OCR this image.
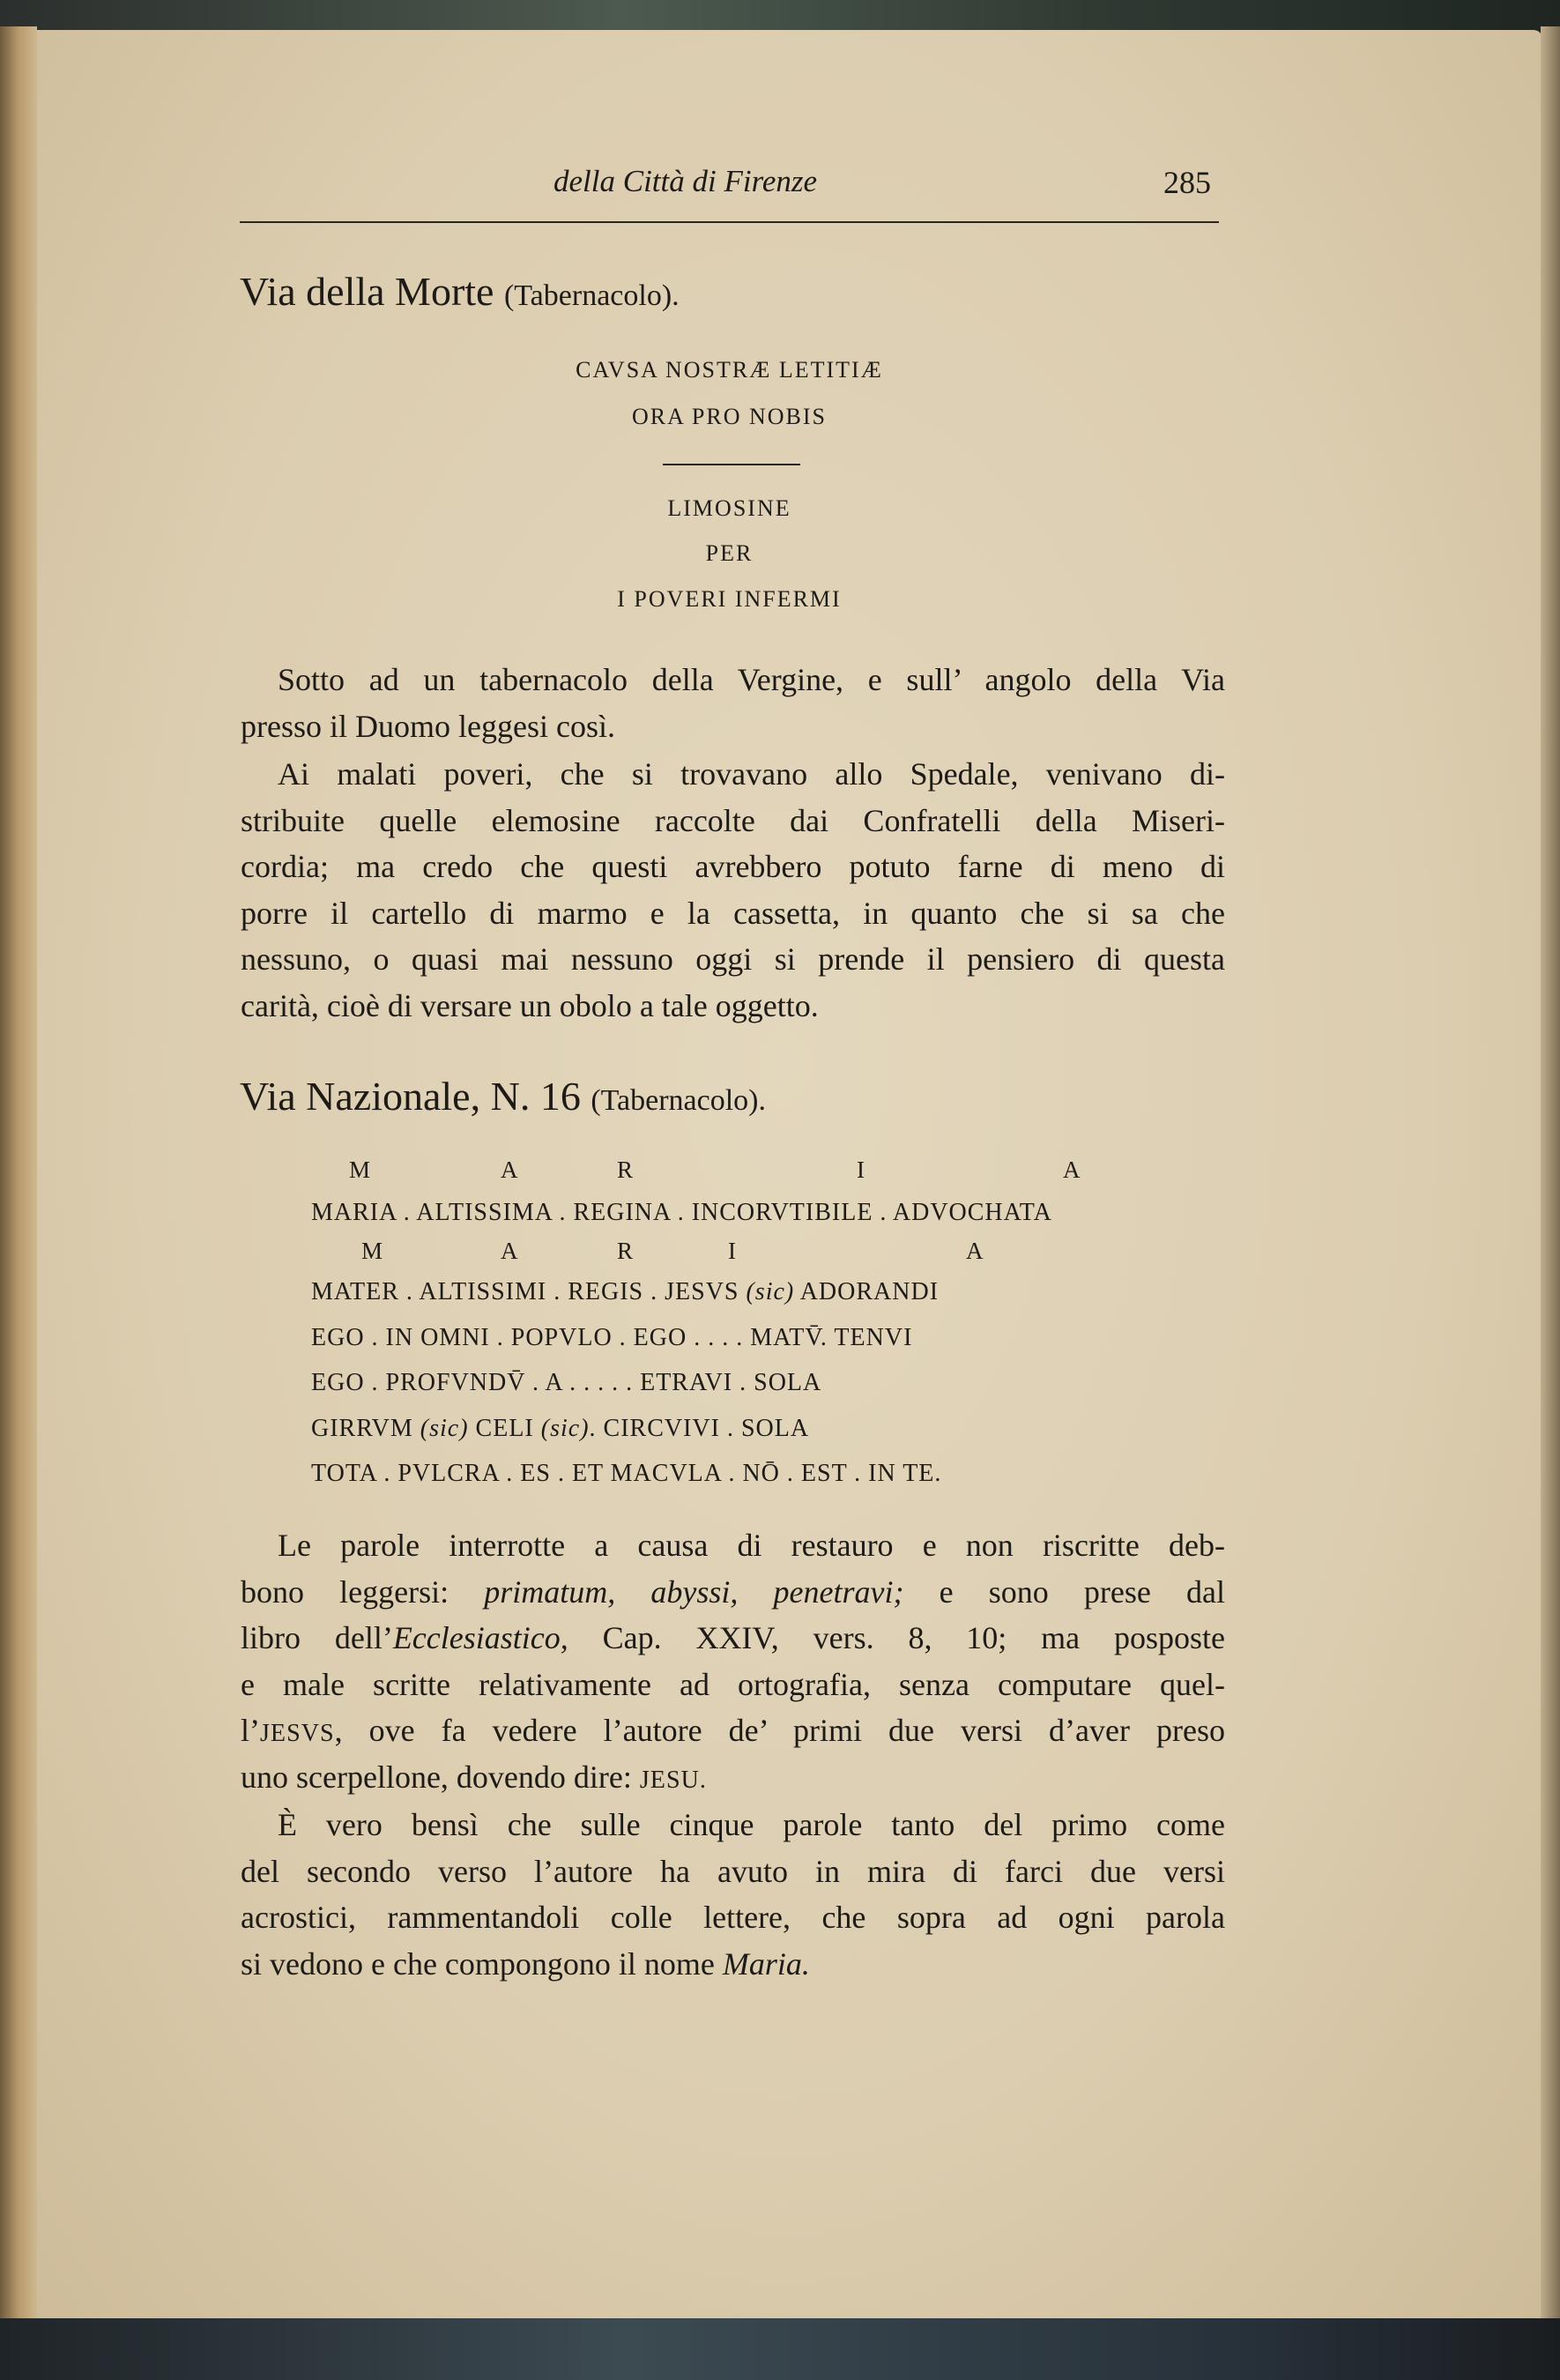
della Città di Firenze	285
Via della Morte (Tabernacolo).
CAVSA NOSTRÆ LETITIÆ
ORA PRO NOBIS
LIMOSINE
PER
I POVERI INFERMI
Sotto ad un tabernacolo della Vergine, e sull’ angolo della Via
presso il Duomo leggesi così.
Ai malati poveri, che si trovavano allo Spedale, venivano di-
stribuite quelle elemosine raccolte dai Confratelli della Miseri-
cordia; ma credo che questi avrebbero potuto farne di meno di
porre il cartello di marmo e la cassetta, in quanto che si sa che
nessuno, o quasi mai nessuno oggi si prende il pensiero di questa
carità, cioè di versare un obolo a tale oggetto.
Via Nazionale, N. 16 (Tabernacolo).
M	A	R	I	A
MARIA . ALTISSIMA . REGINA . INCORVTIBILE . ADVOCHATA
M	A	R	I	A
MATER . ALTISSIMI . REGIS . JESVS (sic) ADORANDI
EGO . IN OMNI . POPVLO . EGO . . . . MATV̄. TENVI
EGO . PROFVNDV̄ . A . . . . . ETRAVI . SOLA
GIRRVM (sic) CELI (sic). CIRCVIVI . SOLA
TOTA . PVLCRA . ES . ET MACVLA . NŌ . EST . IN TE.
Le parole interrotte a causa di restauro e non riscritte deb-
bono leggersi: primatum, abyssi, penetravi; e sono prese dal
libro dell’Ecclesiastico, Cap. XXIV, vers. 8, 10; ma posposte
e male scritte relativamente ad ortografia, senza computare quel-
l’JESVS, ove fa vedere l’autore de’ primi due versi d’aver preso
uno scerpellone, dovendo dire: JESU.
È vero bensì che sulle cinque parole tanto del primo come
del secondo verso l’autore ha avuto in mira di farci due versi
acrostici, rammentandoli colle lettere, che sopra ad ogni parola
si vedono e che compongono il nome Maria.
